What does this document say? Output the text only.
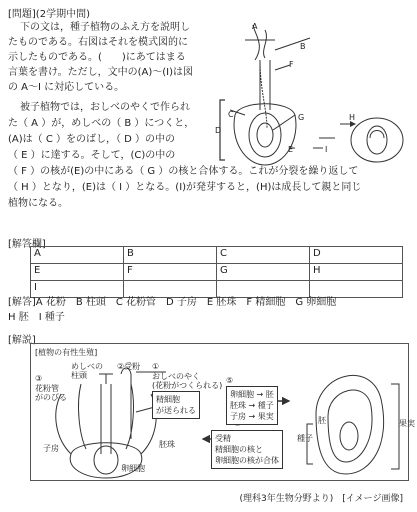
[問題](2学期中間)
下の文は，種子植物のふえ方を説明し
たものである。右図はそれを模式図的に
示したものである。(　　)にあてはまる
言葉を書け。ただし，文中の(A)〜(I)は図
の A〜I に対応している。
被子植物では，おしべのやくで作られ
た（ A ）が，めしべの（ B ）につくと，
(A)は（ C ）をのばし，（ D ）の中の
（ E ）に達する。そして，(C)の中の
（ F ）の核が(E)の中にある（ G ）の核と合体する。これが分裂を繰り返して
（ H ）となり，(E)は（ I ）となる。(I)が発芽すると，(H)は成長して親と同じ
植物になる。
A
B
F
C	G	H
D
E	I
[解答欄]
A	B	C	D
E	F	G	H
I			
[解答]A 花粉　B 柱頭　C 花粉管　D 子房　E 胚珠　F 精細胞　G 卵細胞
H 胚　I 種子
[解説]
[植物の有性生殖]
めしべの
柱頭
②受粉
③
花粉管
がのびる
①
おしべのやく
(花粉がつくられる)
精細胞
が送られる
子房	胚珠
卵細胞
受精
精細胞の核と
卵細胞の核が合体
⑤
卵細胞 → 胚
胚珠 → 種子
子房 → 果実	胚
種子
果実
(理科3年生物分野より)　[イメージ画像]
